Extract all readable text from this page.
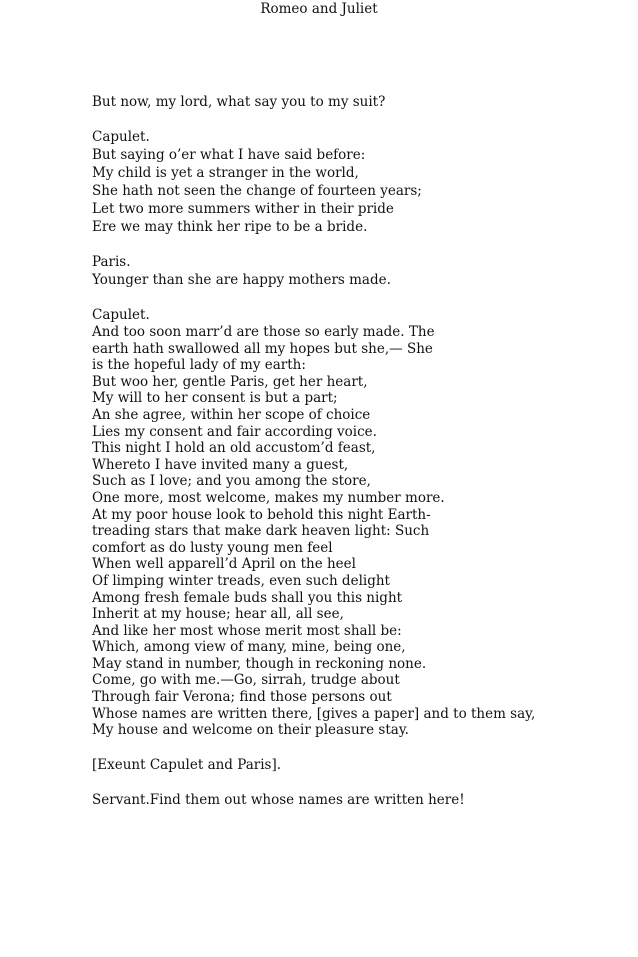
Romeo and Juliet
But now, my lord, what say you to my suit?
Capulet.
But saying o’er what I have said before:
My child is yet a stranger in the world,
She hath not seen the change of fourteen years;
Let two more summers wither in their pride
Ere we may think her ripe to be a bride.
Paris.
Younger than she are happy mothers made.
Capulet.
And too soon marr’d are those so early made. The
earth hath swallowed all my hopes but she,— She
is the hopeful lady of my earth:
But woo her, gentle Paris, get her heart,
My will to her consent is but a part;
An she agree, within her scope of choice
Lies my consent and fair according voice.
This night I hold an old accustom’d feast,
Whereto I have invited many a guest,
Such as I love; and you among the store,
One more, most welcome, makes my number more.
At my poor house look to behold this night Earth-
treading stars that make dark heaven light: Such
comfort as do lusty young men feel
When well apparell’d April on the heel
Of limping winter treads, even such delight
Among fresh female buds shall you this night
Inherit at my house; hear all, all see,
And like her most whose merit most shall be:
Which, among view of many, mine, being one,
May stand in number, though in reckoning none.
Come, go with me.—Go, sirrah, trudge about
Through fair Verona; find those persons out
Whose names are written there, [gives a paper] and to them say,
My house and welcome on their pleasure stay.
[Exeunt Capulet and Paris].
Servant.Find them out whose names are written here!
